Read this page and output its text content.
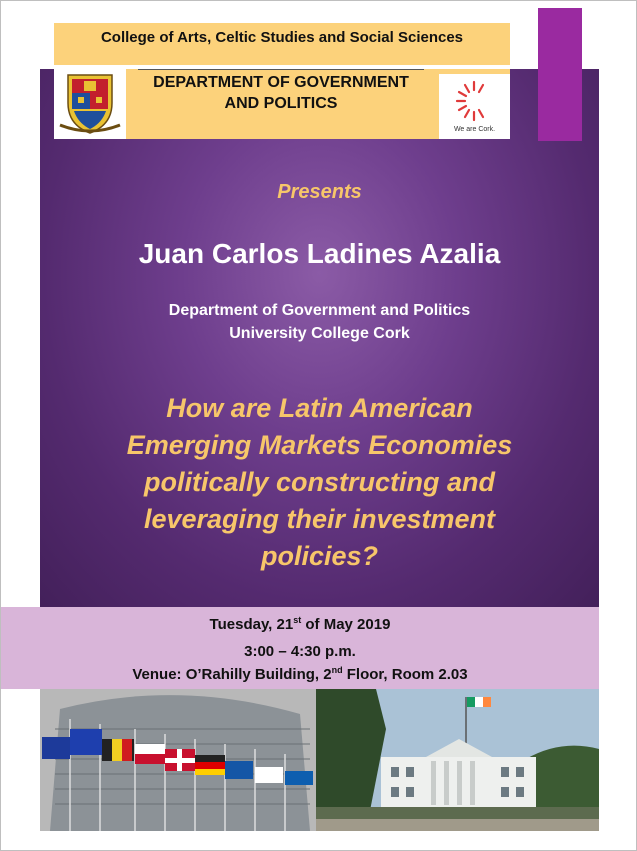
College of Arts, Celtic Studies and Social Sciences
DEPARTMENT OF GOVERNMENT
AND POLITICS
We are Cork.
Presents
Juan Carlos Ladines Azalia
Department of Government and Politics
University College Cork
How are Latin American
Emerging Markets Economies
politically constructing and
leveraging their investment
policies?
Tuesday, 21st of May 2019
3:00 – 4:30 p.m.
Venue: O’Rahilly Building, 2nd Floor, Room 2.03
